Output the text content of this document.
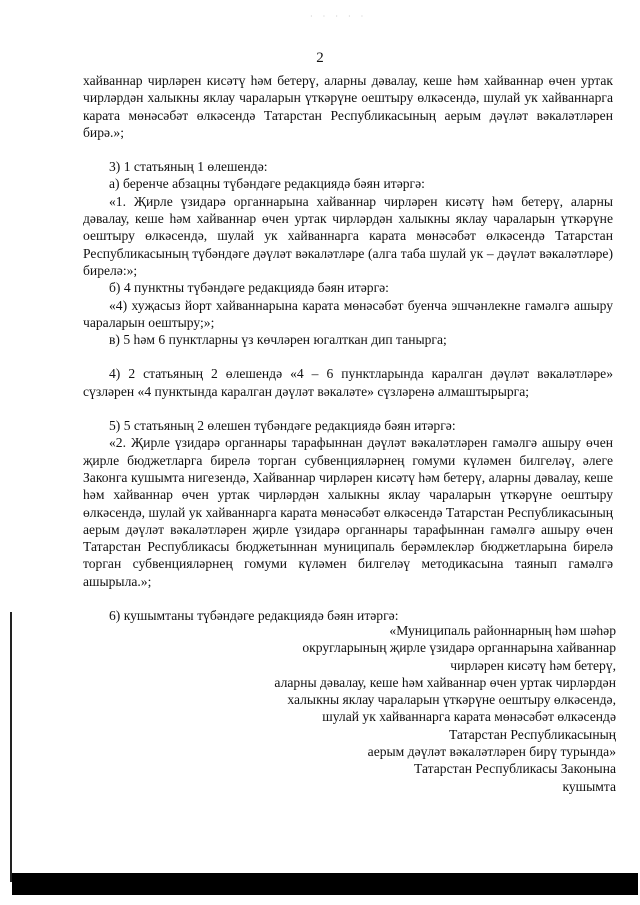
· · · · ·
2

хайваннар чирләрен кисәтү һәм бетерү, аларны дәвалау, кеше һәм хайваннар өчен уртак чирләрдән халыкны яклау чараларын үткәрүне оештыру өлкәсендә, шулай ук хайваннарга карата мөнәсәбәт өлкәсендә Татарстан Республикасының аерым дәүләт вәкаләтләрен бирә.»;

3) 1 статьяның 1 өлешендә:

а) беренче абзацны түбәндәге редакциядә бәян итәргә:

«1. Җирле үзидарә органнарына хайваннар чирләрен кисәтү һәм бетерү, аларны дәвалау, кеше һәм хайваннар өчен уртак чирләрдән халыкны яклау чараларын үткәрүне оештыру өлкәсендә, шулай ук хайваннарга карата мөнәсәбәт өлкәсендә Татарстан Республикасының түбәндәге дәүләт вәкаләтләре (алга таба шулай ук – дәүләт вәкаләтләре) бирелә:»;

б) 4 пунктны түбәндәге редакциядә бәян итәргә:

«4) хуҗасыз йорт хайваннарына карата мөнәсәбәт буенча эшчәнлекне гамәлгә ашыру чараларын оештыру;»;

в) 5 һәм 6 пунктларны үз көчләрен югалткан дип танырга;

4) 2 статьяның 2 өлешендә «4 – 6 пунктларында каралган дәүләт вәкаләтләре» сүзләрен «4 пунктында каралган дәүләт вәкаләте» сүзләренә алмаштырырга;

5) 5 статьяның 2 өлешен түбәндәге редакциядә бәян итәргә:

«2. Җирле үзидарә органнары тарафыннан дәүләт вәкаләтләрен гамәлгә ашыру өчен җирле бюджетларга бирелә торган субвенцияләрнең гомуми күләмен билгеләү, әлеге Законга кушымта нигезендә, Хайваннар чирләрен кисәтү һәм бетерү, аларны дәвалау, кеше һәм хайваннар өчен уртак чирләрдән халыкны яклау чараларын үткәрүне оештыру өлкәсендә, шулай ук хайваннарга карата мөнәсәбәт өлкәсендә Татарстан Республикасының аерым дәүләт вәкаләтләрен җирле үзидарә органнары тарафыннан гамәлгә ашыру өчен Татарстан Республикасы бюджетыннан муниципаль берәмлекләр бюджетларына бирелә торган субвенцияләрнең гомуми күләмен билгеләү методикасына таянып гамәлгә ашырыла.»;

6) кушымтаны түбәндәге редакциядә бәян итәргә:

«Муниципаль районнарның һәм шәһәр
округларының җирле үзидарә органнарына хайваннар
чирләрен кисәтү һәм бетерү,
аларны дәвалау, кеше һәм хайваннар өчен уртак чирләрдән
халыкны яклау чараларын үткәрүне оештыру өлкәсендә,
шулай ук хайваннарга карата мөнәсәбәт өлкәсендә
Татарстан Республикасының
аерым дәүләт вәкаләтләрен бирү турында»
Татарстан Республикасы Законына
кушымта
